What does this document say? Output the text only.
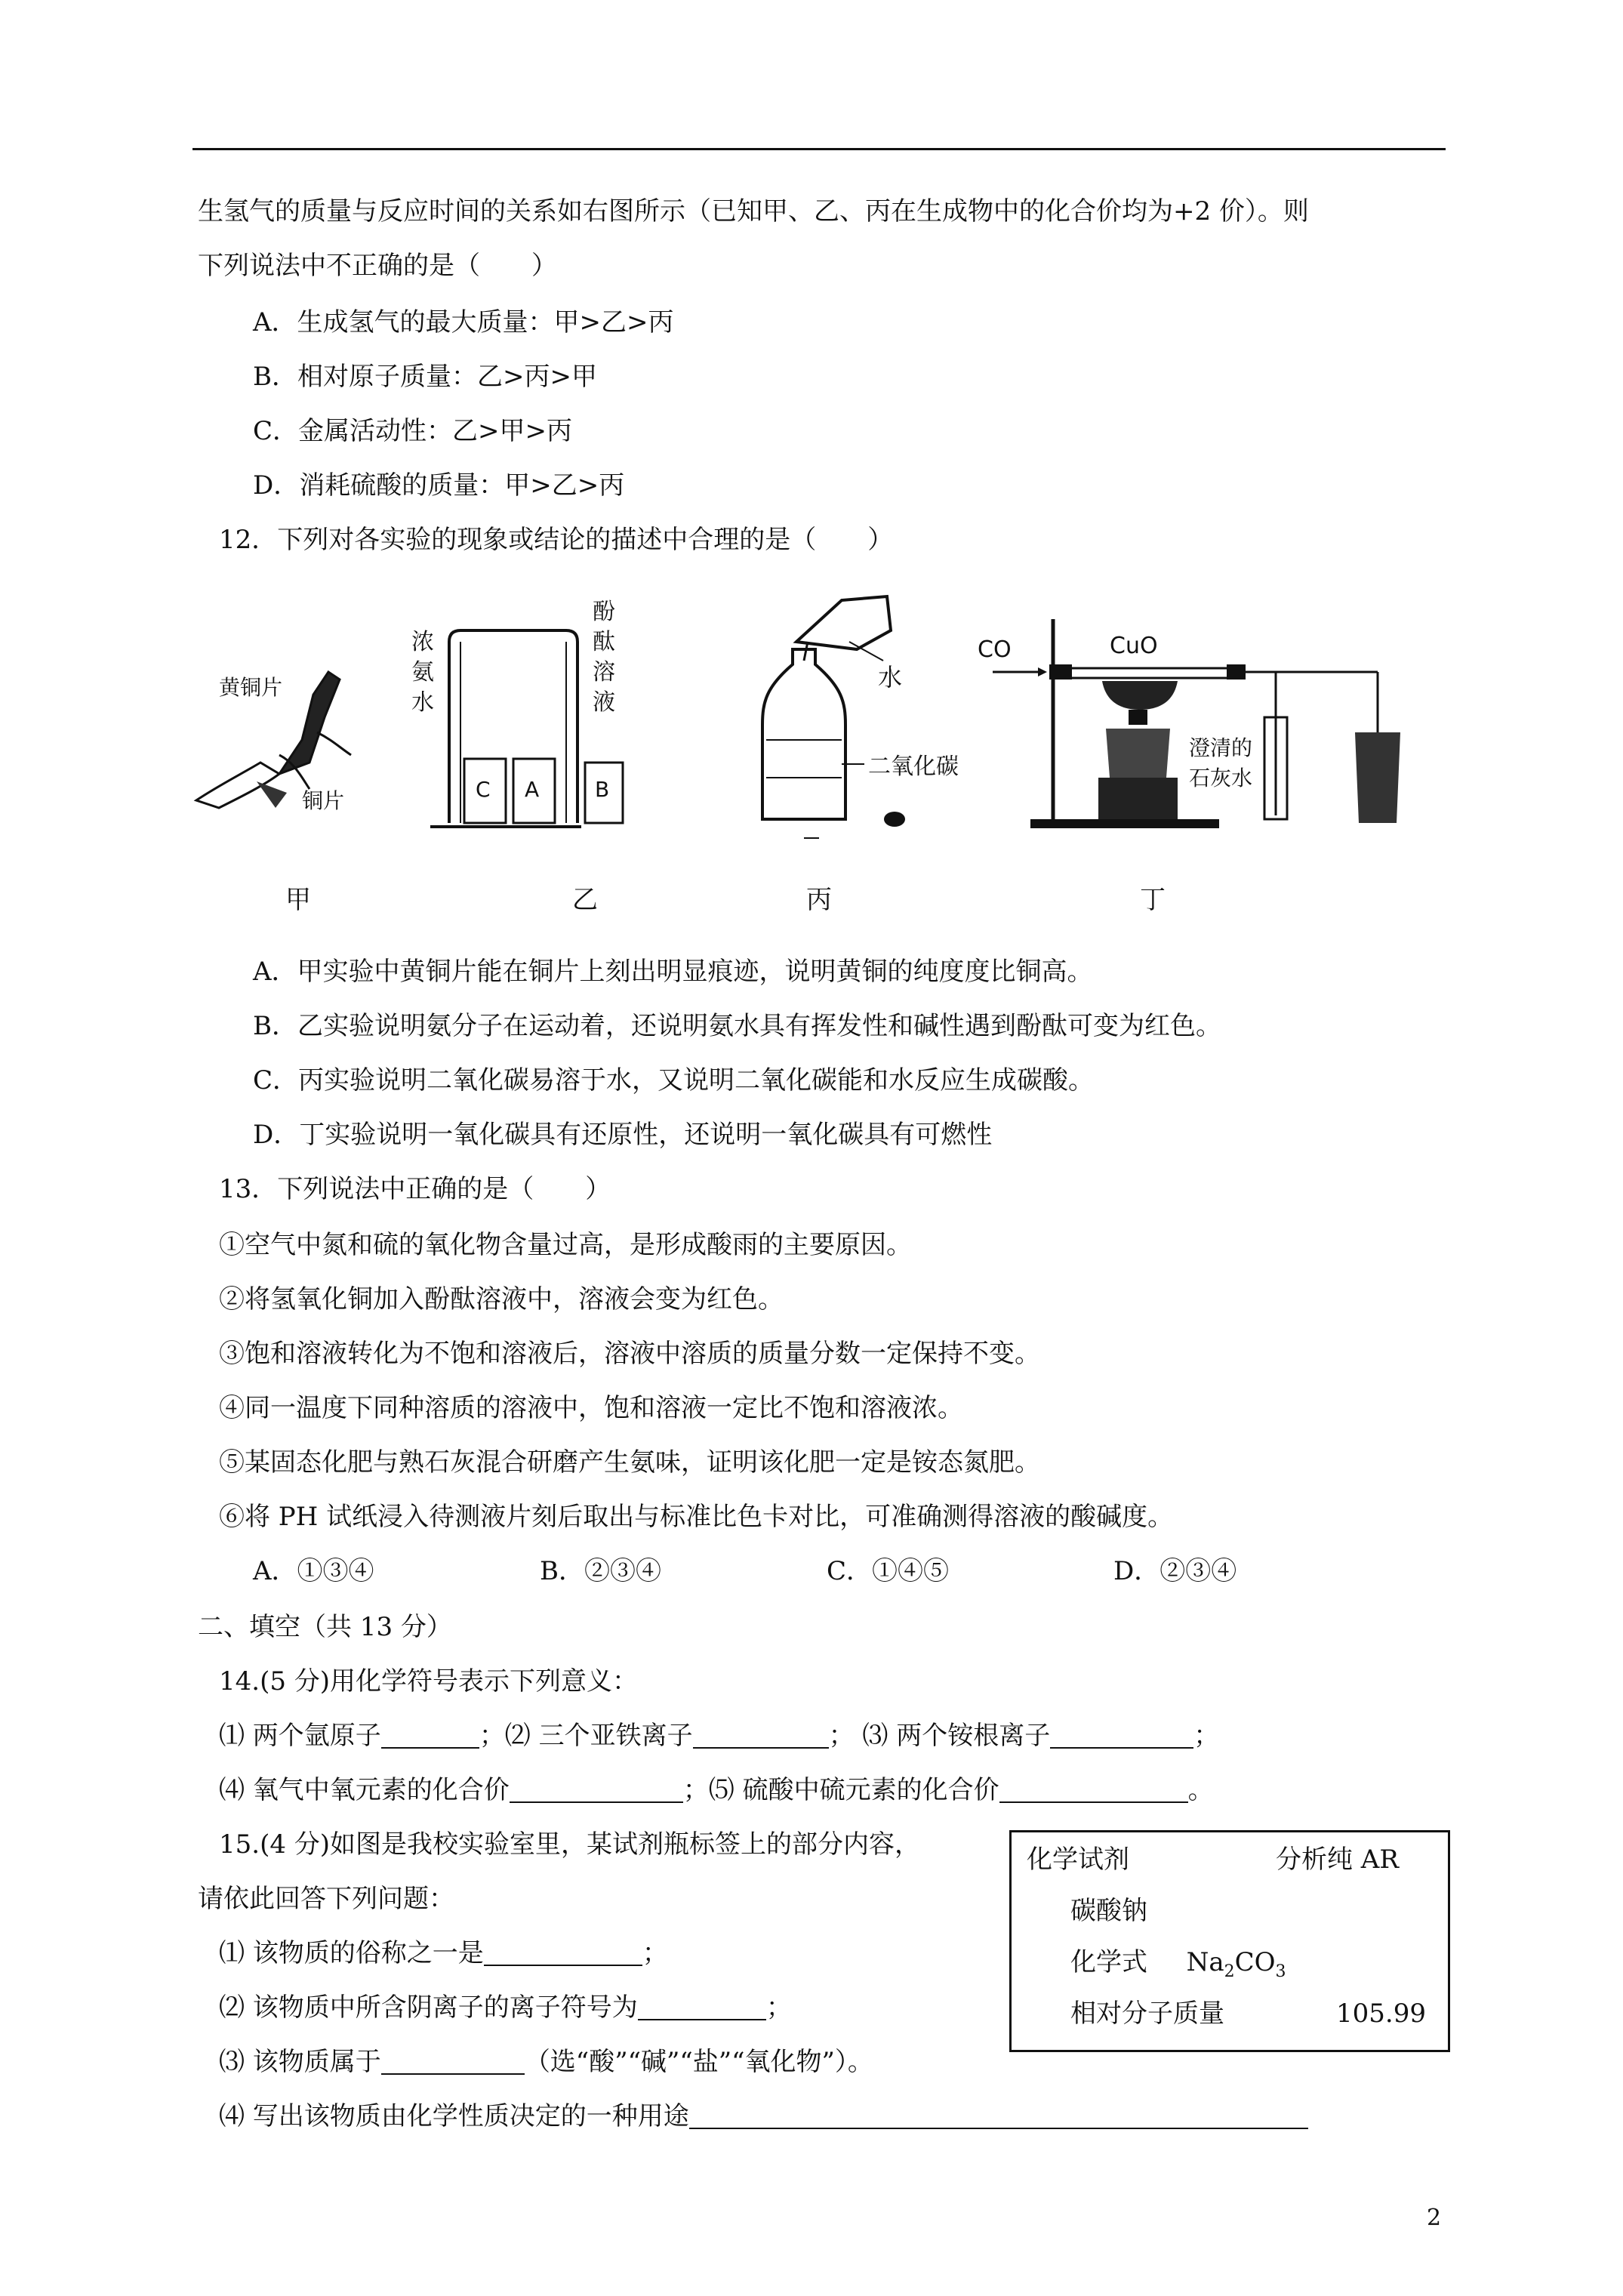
生氢气的质量与反应时间的关系如右图所示（已知甲、乙、丙在生成物中的化合价均为+2 价）。则
下列说法中不正确的是（　　）
A．生成氢气的最大质量：甲>乙>丙
B．相对原子质量：乙>丙>甲
C．金属活动性：乙>甲>丙
D．消耗硫酸的质量：甲>乙>丙
12．下列对各实验的现象或结论的描述中合理的是（　　）
黄铜片
铜片
浓
氨
水
酚
酞
溶
液
C A	B
水
二氧化碳
CO	CuO
澄清的
石灰水
甲	乙	丙	丁
A．甲实验中黄铜片能在铜片上刻出明显痕迹，说明黄铜的纯度度比铜高。
B．乙实验说明氨分子在运动着，还说明氨水具有挥发性和碱性遇到酚酞可变为红色。
C．丙实验说明二氧化碳易溶于水，又说明二氧化碳能和水反应生成碳酸。
D．丁实验说明一氧化碳具有还原性，还说明一氧化碳具有可燃性
13．下列说法中正确的是（　　）
①空气中氮和硫的氧化物含量过高，是形成酸雨的主要原因。
②将氢氧化铜加入酚酞溶液中，溶液会变为红色。
③饱和溶液转化为不饱和溶液后，溶液中溶质的质量分数一定保持不变。
④同一温度下同种溶质的溶液中，饱和溶液一定比不饱和溶液浓。
⑤某固态化肥与熟石灰混合研磨产生氨味，证明该化肥一定是铵态氮肥。
⑥将 PH 试纸浸入待测液片刻后取出与标准比色卡对比，可准确测得溶液的酸碱度。
A．①③④	B．②③④	C．①④⑤	D．②③④
二、填空（共 13 分）
14.(5 分)用化学符号表示下列意义：
⑴ 两个氩原子	；⑵ 三个亚铁离子	； ⑶ 两个铵根离子	；
⑷ 氧气中氧元素的化合价	；⑸ 硫酸中硫元素的化合价	。
15.(4 分)如图是我校实验室里，某试剂瓶标签上的部分内容，
请依此回答下列问题：
⑴ 该物质的俗称之一是	；
⑵ 该物质中所含阴离子的离子符号为	；
⑶ 该物质属于	（选“酸”“碱”“盐”“氧化物”）。
⑷ 写出该物质由化学性质决定的一种用途
化学试剂	分析纯 AR
碳酸钠
化学式 $Na_2CO_3$
相对分子质量	105.99
2
